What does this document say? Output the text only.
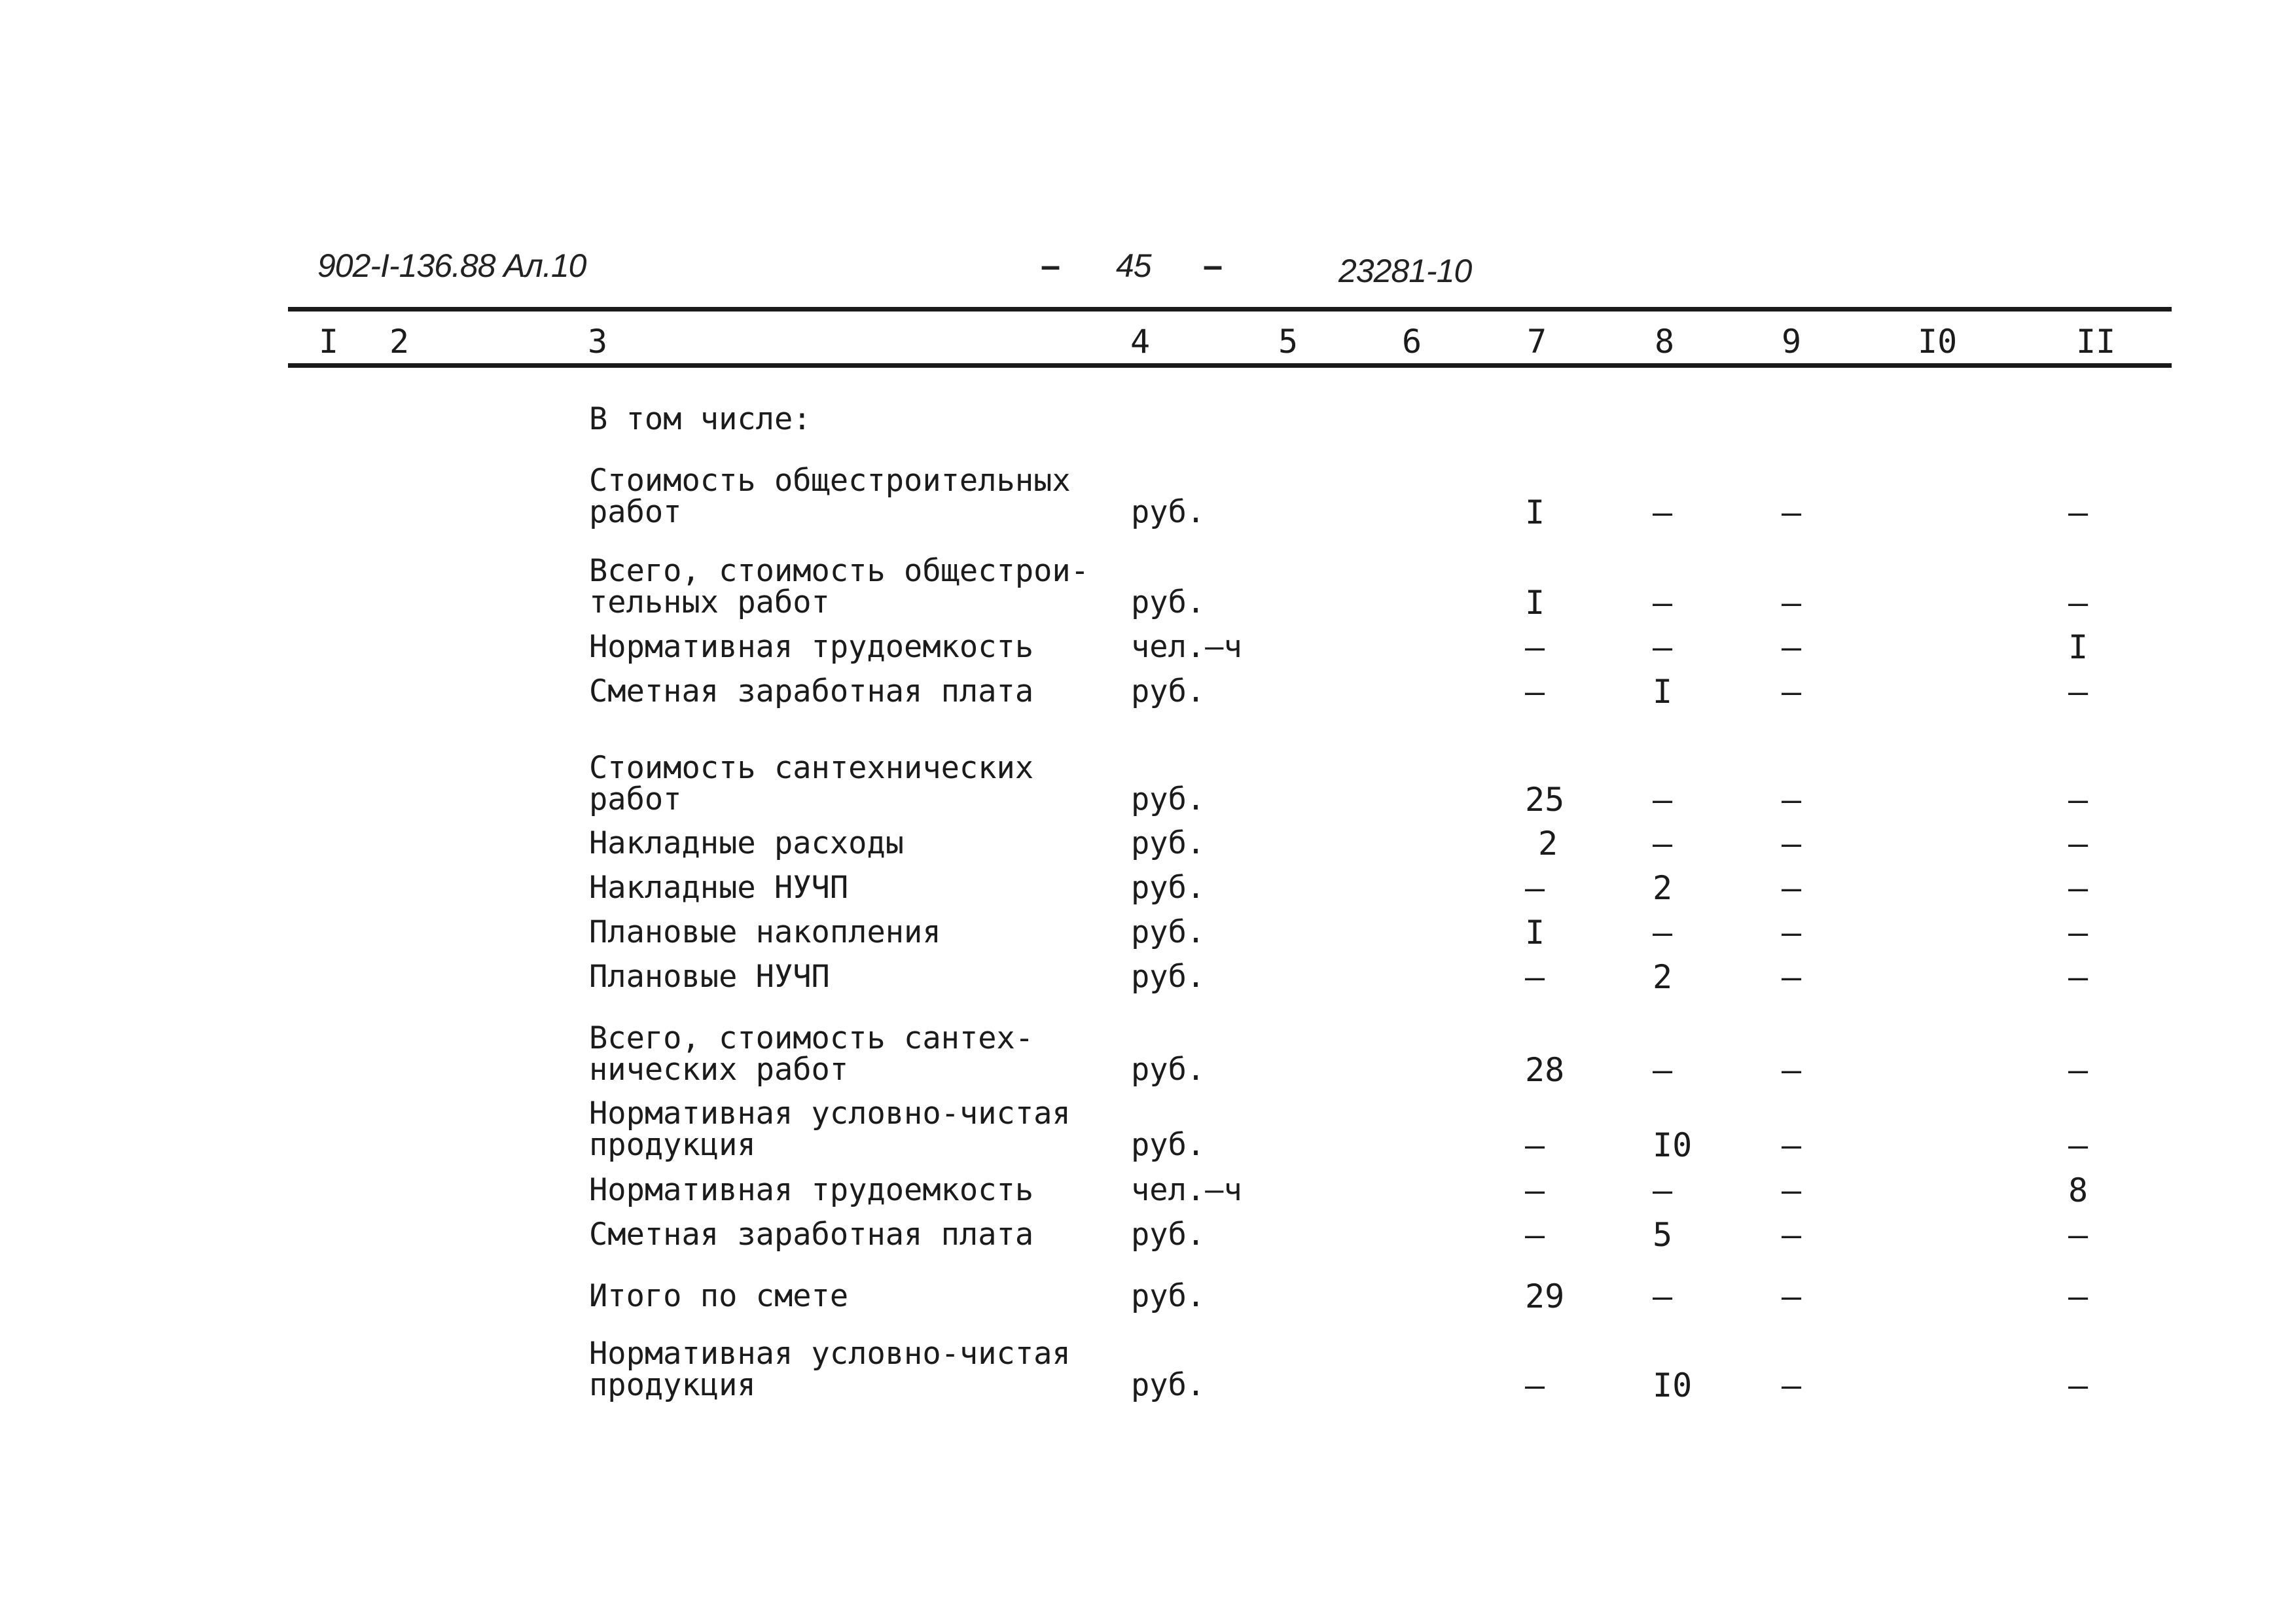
902-I-136.88 Ал.10	– 45 –	23281-10
I 2	3	4	5	6	7	8	9	I0	II
В том числе:
Стоимость общестроительных
работ	руб.	I	–	–	–
Всего, стоимость общестрои-
тельных работ	руб.	I	–	–	–
Нормативная трудоемкость	чел.–ч	–	–	–	I
Сметная заработная плата	руб.	–	I	–	–
Стоимость сантехнических
работ	руб.	25	–	–	–
Накладные расходы	руб.	2	–	–	–
Накладные НУЧП	руб.	–	2	–	–
Плановые накопления	руб.	I	–	–	–
Плановые НУЧП	руб.	–	2	–	–
Всего, стоимость сантех-
нических работ	руб.	28	–	–	–
Нормативная условно-чистая
продукция	руб.	–	I0	–	–
Нормативная трудоемкость	чел.–ч	–	–	–	8
Сметная заработная плата	руб.	–	5	–	–
Итого по смете	руб.	29	–	–	–
Нормативная условно-чистая
продукция	руб.	–	I0	–	–
